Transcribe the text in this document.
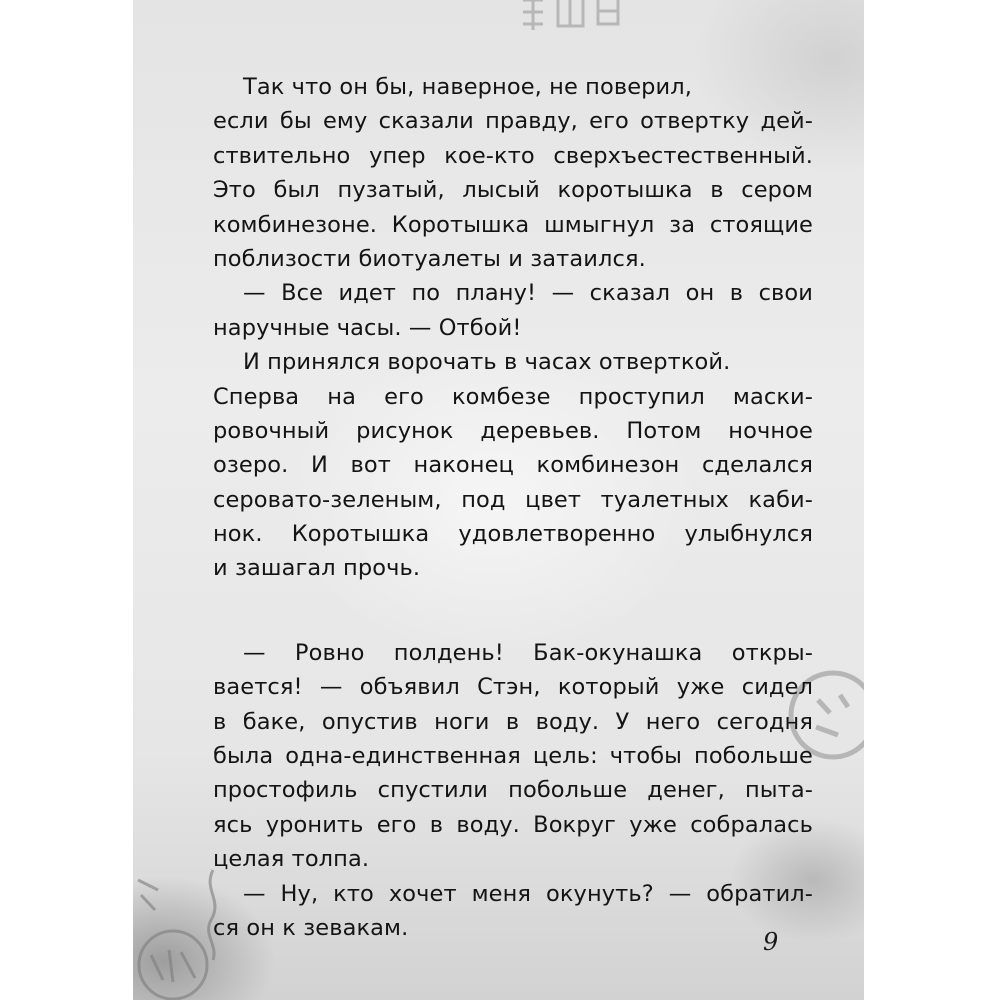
Так что он бы, наверное, не поверил,
если бы ему сказали правду, его отвертку дей-
ствительно упер кое-кто сверхъестественный.
Это был пузатый, лысый коротышка в сером
комбинезоне. Коротышка шмыгнул за стоящие
поблизости биотуалеты и затаился.
— Все идет по плану! — сказал он в свои
наручные часы. — Отбой!
И принялся ворочать в часах отверткой.
Сперва на его комбезе проступил маски-
ровочный рисунок деревьев. Потом ночное
озеро. И вот наконец комбинезон сделался
серовато-зеленым, под цвет туалетных каби-
нок. Коротышка удовлетворенно улыбнулся
и зашагал прочь.
— Ровно полдень! Бак-окунашка откры-
вается! — объявил Стэн, который уже сидел
в баке, опустив ноги в воду. У него сегодня
была одна-единственная цель: чтобы побольше
простофиль спустили побольше денег, пыта-
ясь уронить его в воду. Вокруг уже собралась
целая толпа.
— Ну, кто хочет меня окунуть? — обратил-
ся он к зевакам.
9
